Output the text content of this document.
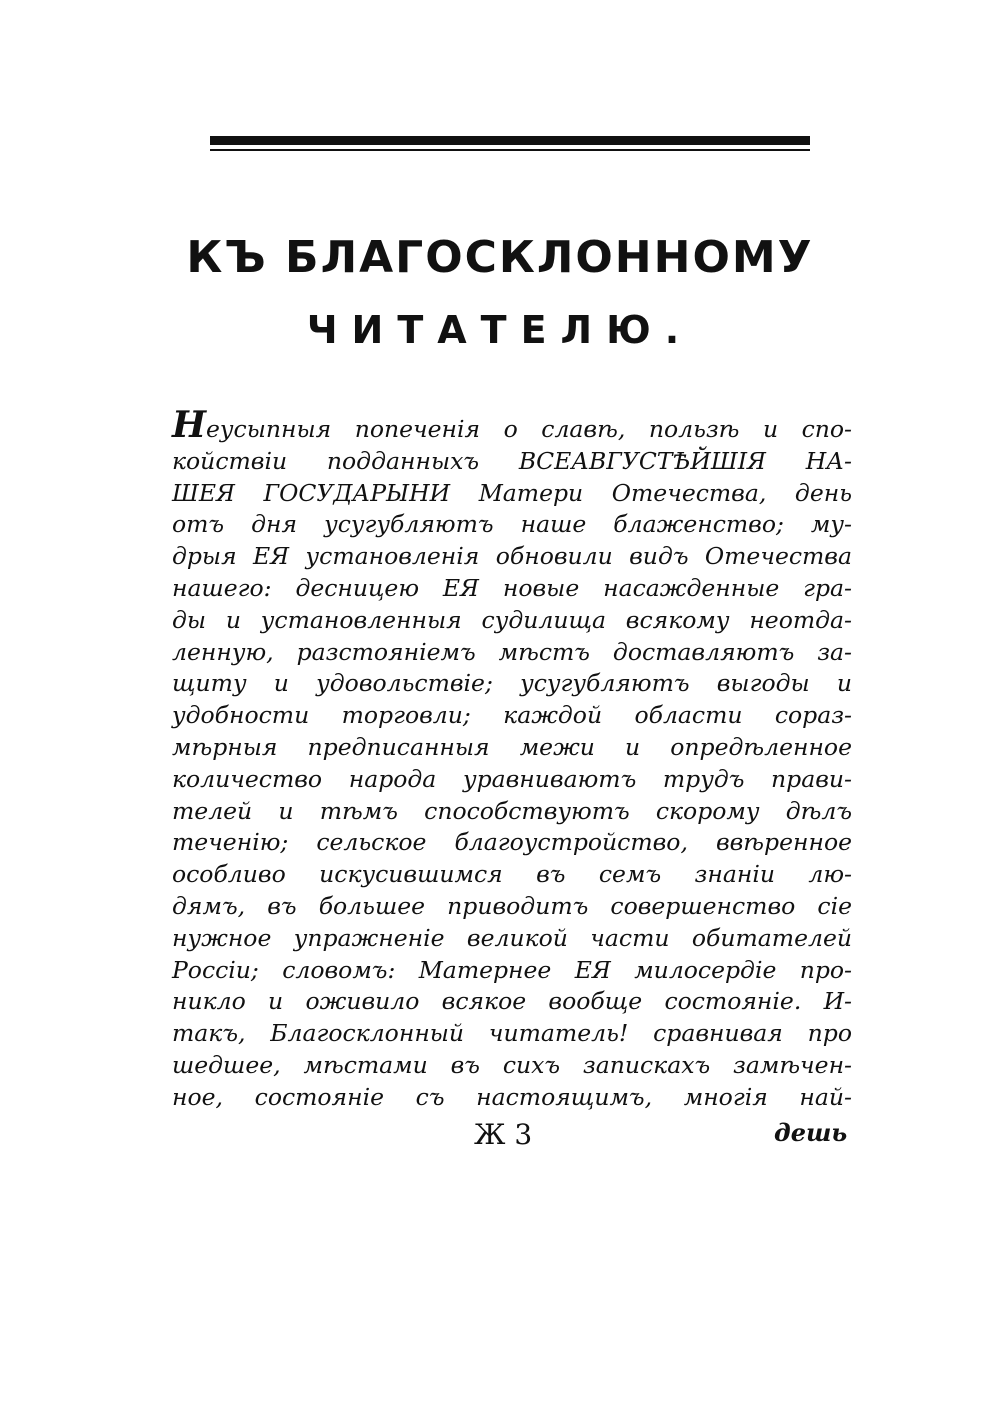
КЪ БЛАГОСКЛОННОМУ
ЧИТАТЕЛЮ.
Неусыпныя попеченія о славѣ, пользѣ и спо-
койствіи подданныхъ ВСЕАВГУСТѢЙШІЯ НА-
ШЕЯ ГОСУДАРЫНИ Матери Отечества, день
отъ дня усугубляютъ наше блаженство; му-
дрыя ЕЯ установленія обновили видъ Отечества
нашего: десницею ЕЯ новые насажденные гра-
ды и установленныя судилища всякому неотда-
ленную, разстояніемъ мѣстъ доставляютъ за-
щиту и удовольствіе; усугубляютъ выгоды и
удобности торговли; каждой области сораз-
мѣрныя предписанныя межи и опредѣленное
количество народа уравниваютъ трудъ прави-
телей и тѣмъ способствуютъ скорому дѣлъ
теченію; сельское благоустройство, ввѣренное
особливо искусившимся въ семъ знаніи лю-
дямъ, въ большее приводитъ совершенство сіе
нужное упражненіе великой части обитателей
Россіи; словомъ: Матернее ЕЯ милосердіе про-
никло и оживило всякое вообще состояніе. И-
такъ, Благосклонный читатель! сравнивая про
шедшее, мѣстами въ сихъ запискахъ замѣчен-
ное, состояніе съ настоящимъ, многія най-
Ж 3	дешь
